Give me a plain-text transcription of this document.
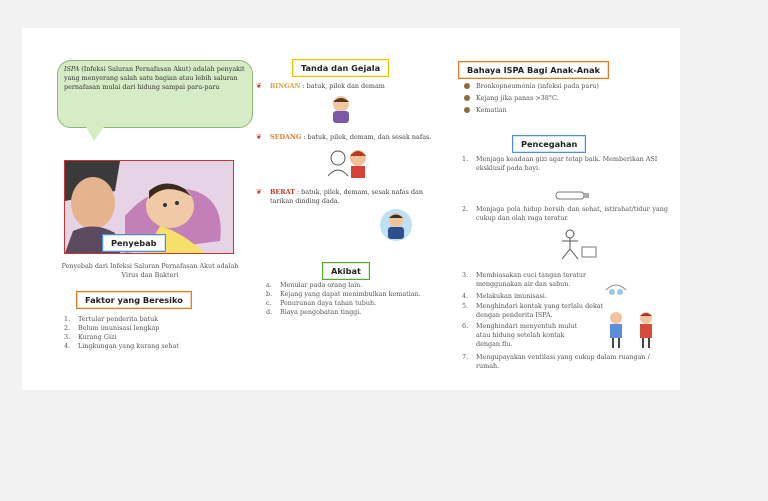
ISPA (Infeksi Saluran Pernafasan Akut) adalah penyakit yang menyerang salah satu bagian atau lebih saluran pernafasan mulai dari hidung sampai paru-paru
Penyebab
Penyebab dari Infeksi Saluran Pernafasan Akut adalah Virus dan Bakteri
Faktor yang Beresiko
1.	Tertular penderita batuk
2.	Belum imunisasi lengkap
3.	Kurang Gizi
4.	Lingkungan yang kurang sehat
Tanda dan Gejala
❦ RINGAN : batuk, pilek dan demam
❦ SEDANG : batuk, pilek, demam, dan sesak nafas.
❦ BERAT : batuk, pilek, demam, sesak nafas dan tarikan dinding dada.
Akibat
a.	Menular pada orang lain.
b.	Kejang yang dapat menimbulkan kematian.
c.	Penurunan daya tahan tubuh.
d.	Biaya pengobatan tinggi.
Bahaya ISPA Bagi Anak-Anak
Bronkopneumonia (infeksi pada paru)
Kejang jika panas >38°C.
Kematian
Pencegahan
1.	Menjaga keadaan gizi agar tetap baik. Memberikan ASI eksklusif pada bayi.
2.	Menjaga pola hidup bersih dan sehat, istirahat/tidur yang cukup dan olah raga teratur.
3.	Membiasakan cuci tangan teratur menggunakan air dan sabun.
4.	Melakukan imunisasi.
5.	Menghindari kontak yang terlalu dekat dengan penderita ISPA.
6.	Menghindari menyentuh mulut atau hidung setelah kontak dengan flu.
7.	Mengupayakan ventilasi yang cukup dalam ruangan / rumah.
